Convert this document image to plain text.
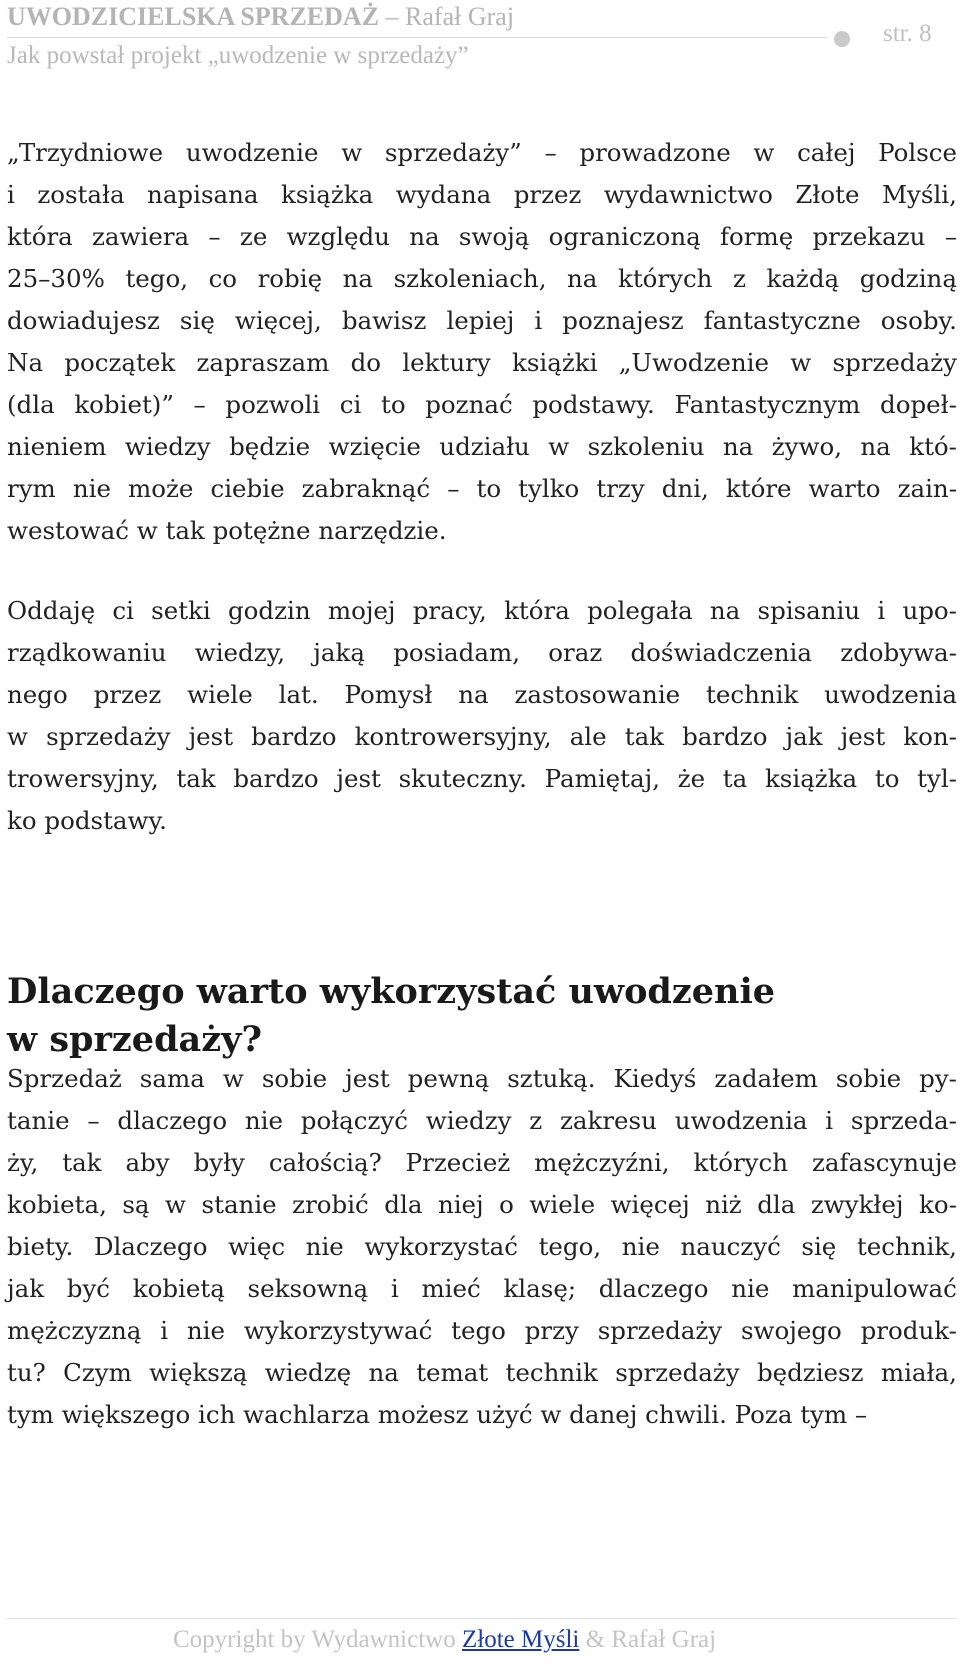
UWODZICIELSKA SPRZEDAŻ – Rafał Graj
Jak powstał projekt „uwodzenie w sprzedaży”
str. 8
„Trzydniowe uwodzenie w sprzedaży” – prowadzone w całej Polsce
i została napisana książka wydana przez wydawnictwo Złote Myśli,
która zawiera – ze względu na swoją ograniczoną formę przekazu –
25–30% tego, co robię na szkoleniach, na których z każdą godziną
dowiadujesz się więcej, bawisz lepiej i poznajesz fantastyczne osoby.
Na początek zapraszam do lektury książki „Uwodzenie w sprzedaży
(dla kobiet)” – pozwoli ci to poznać podstawy. Fantastycznym dopeł-
nieniem wiedzy będzie wzięcie udziału w szkoleniu na żywo, na któ-
rym nie może ciebie zabraknąć – to tylko trzy dni, które warto zain-
westować w tak potężne narzędzie.
Oddaję ci setki godzin mojej pracy, która polegała na spisaniu i upo-
rządkowaniu wiedzy, jaką posiadam, oraz doświadczenia zdobywa-
nego przez wiele lat. Pomysł na zastosowanie technik uwodzenia
w sprzedaży jest bardzo kontrowersyjny, ale tak bardzo jak jest kon-
trowersyjny, tak bardzo jest skuteczny. Pamiętaj, że ta książka to tyl-
ko podstawy.
Dlaczego warto wykorzystać uwodzenie
w sprzedaży?
Sprzedaż sama w sobie jest pewną sztuką. Kiedyś zadałem sobie py-
tanie – dlaczego nie połączyć wiedzy z zakresu uwodzenia i sprzeda-
ży, tak aby były całością? Przecież mężczyźni, których zafascynuje
kobieta, są w stanie zrobić dla niej o wiele więcej niż dla zwykłej ko-
biety. Dlaczego więc nie wykorzystać tego, nie nauczyć się technik,
jak być kobietą seksowną i mieć klasę; dlaczego nie manipulować
mężczyzną i nie wykorzystywać tego przy sprzedaży swojego produk-
tu? Czym większą wiedzę na temat technik sprzedaży będziesz miała,
tym większego ich wachlarza możesz użyć w danej chwili. Poza tym –
Copyright by Wydawnictwo Złote Myśli & Rafał Graj
